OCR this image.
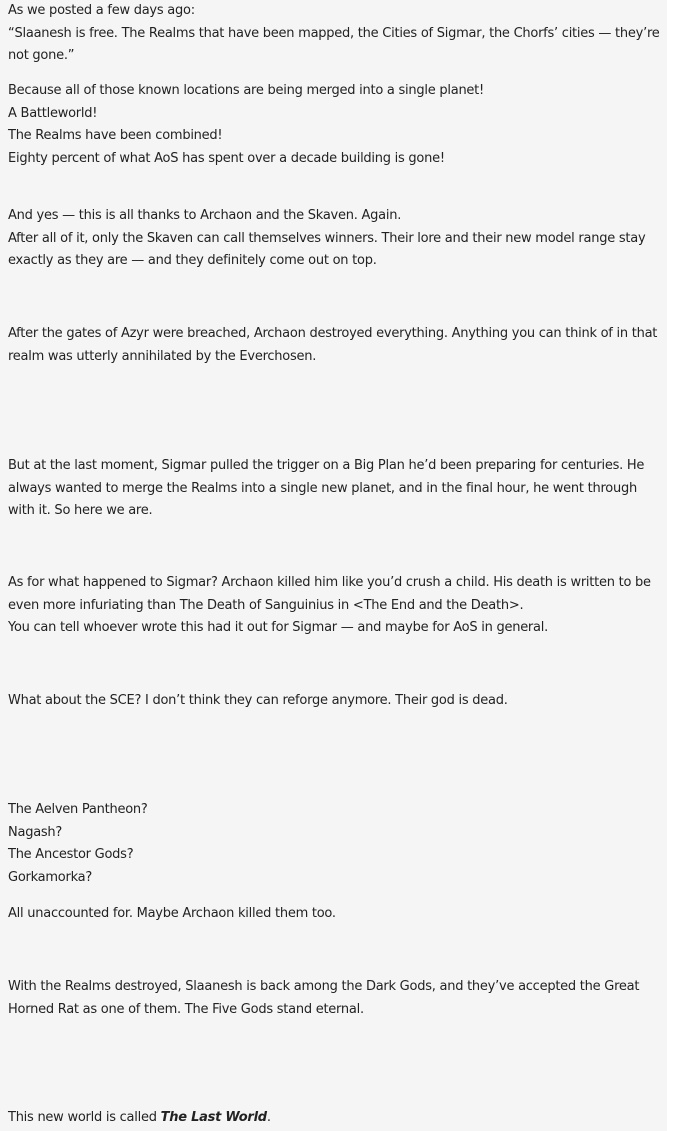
As we posted a few days ago:
“Slaanesh is free. The Realms that have been mapped, the Cities of Sigmar, the Chorfs’ cities — they’re not gone.”

Because all of those known locations are being merged into a single planet!
A Battleworld!
The Realms have been combined!
Eighty percent of what AoS has spent over a decade building is gone!

And yes — this is all thanks to Archaon and the Skaven. Again.
After all of it, only the Skaven can call themselves winners. Their lore and their new model range stay exactly as they are — and they definitely come out on top.

After the gates of Azyr were breached, Archaon destroyed everything. Anything you can think of in that realm was utterly annihilated by the Everchosen.

But at the last moment, Sigmar pulled the trigger on a Big Plan he’d been preparing for centuries. He always wanted to merge the Realms into a single new planet, and in the final hour, he went through with it. So here we are.

As for what happened to Sigmar? Archaon killed him like you’d crush a child. His death is written to be even more infuriating than The Death of Sanguinius in <The End and the Death>.
You can tell whoever wrote this had it out for Sigmar — and maybe for AoS in general.

What about the SCE? I don’t think they can reforge anymore. Their god is dead.

The Aelven Pantheon?
Nagash?
The Ancestor Gods?
Gorkamorka?

All unaccounted for. Maybe Archaon killed them too.

With the Realms destroyed, Slaanesh is back among the Dark Gods, and they’ve accepted the Great Horned Rat as one of them. The Five Gods stand eternal.

This new world is called The Last World.
